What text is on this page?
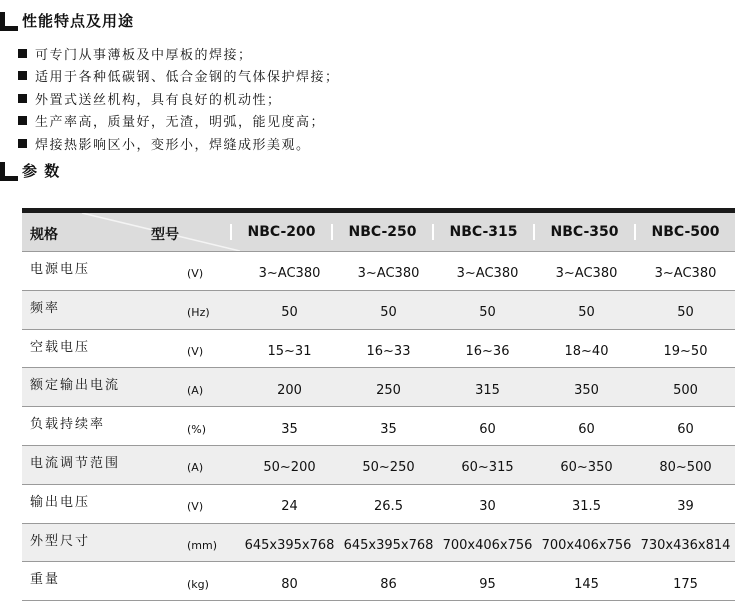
性能特点及用途
可专门从事薄板及中厚板的焊接；
适用于各种低碳钢、低合金钢的气体保护焊接；
外置式送丝机构，具有良好的机动性；
生产率高，质量好，无渣，明弧，能见度高；
焊接热影响区小，变形小，焊缝成形美观。
参 数
规格	型号	NBC-200	NBC-250	NBC-315	NBC-350	NBC-500
电源电压	(V)	3~AC380	3~AC380	3~AC380	3~AC380	3~AC380
频率	(Hz)	50	50	50	50	50
空载电压	(V)	15~31	16~33	16~36	18~40	19~50
额定输出电流	(A)	200	250	315	350	500
负载持续率	(%)	35	35	60	60	60
电流调节范围	(A)	50~200	50~250	60~315	60~350	80~500
输出电压	(V)	24	26.5	30	31.5	39
外型尺寸	(mm)	645x395x768 645x395x768 700x406x756 700x406x756 730x436x814
重量	(kg)	80	86	95	145	175
